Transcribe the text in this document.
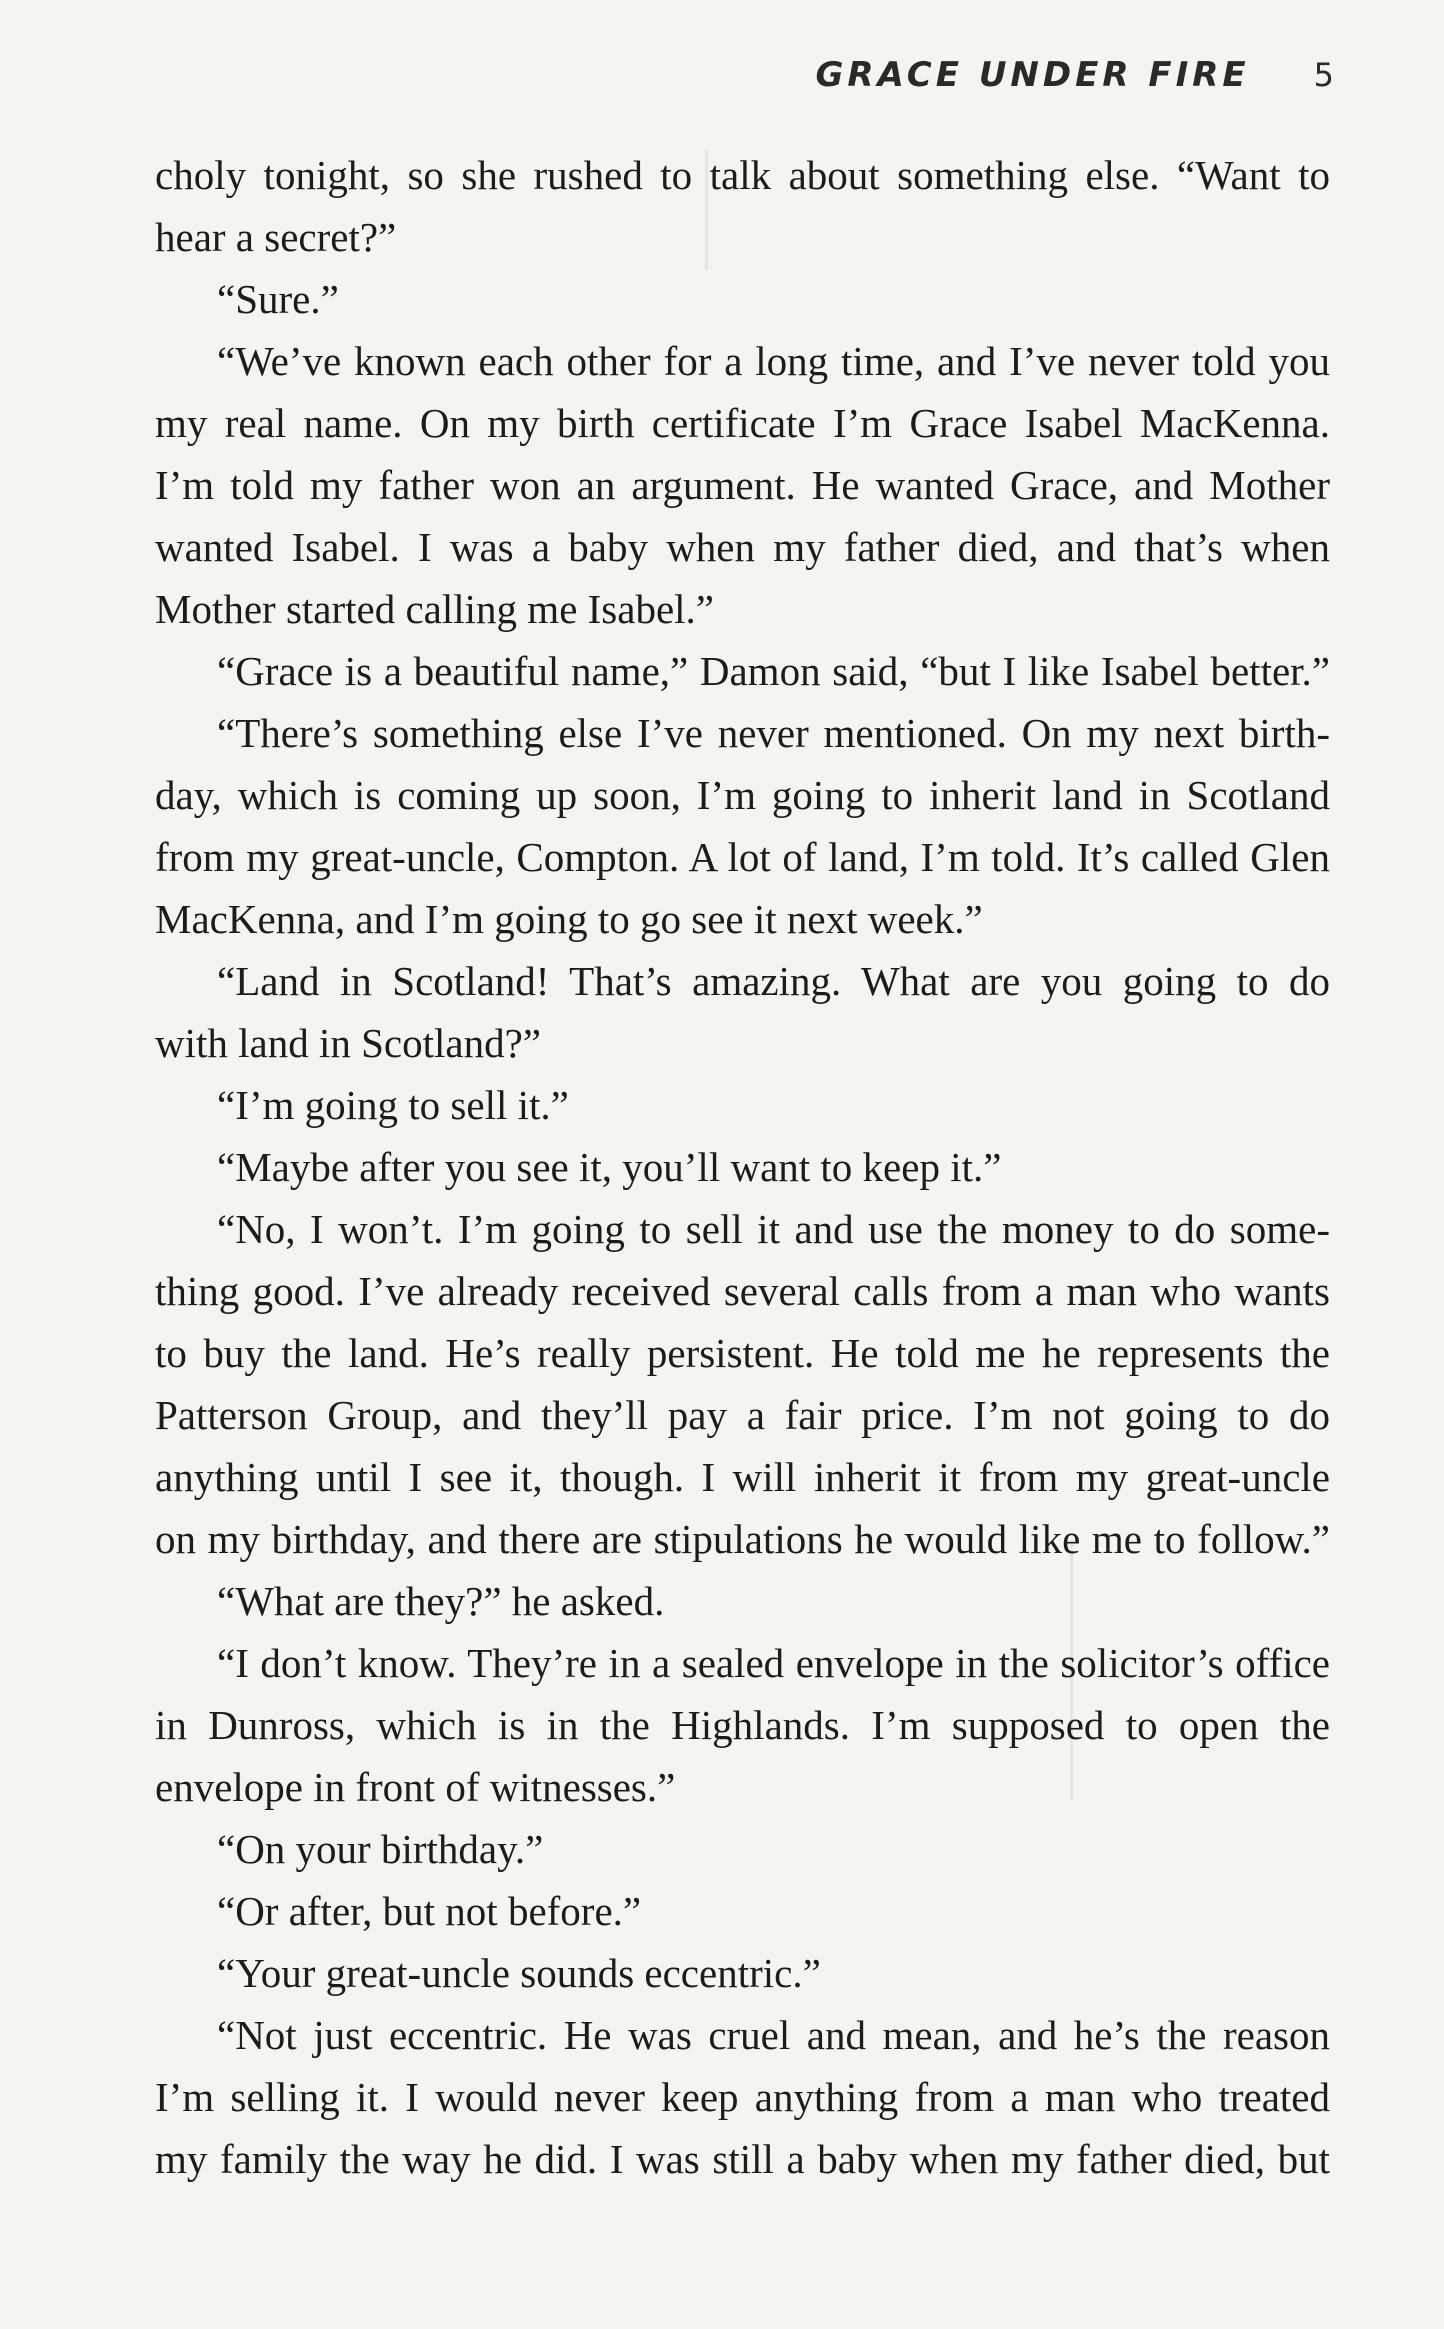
GRACE UNDER FIRE 5
choly tonight, so she rushed to talk about something else. “Want to
hear a secret?”
“Sure.”
“We’ve known each other for a long time, and I’ve never told you
my real name. On my birth certificate I’m Grace Isabel MacKenna.
I’m told my father won an argument. He wanted Grace, and Mother
wanted Isabel. I was a baby when my father died, and that’s when
Mother started calling me Isabel.”
“Grace is a beautiful name,” Damon said, “but I like Isabel better.”
“There’s something else I’ve never mentioned. On my next birth-
day, which is coming up soon, I’m going to inherit land in Scotland
from my great-uncle, Compton. A lot of land, I’m told. It’s called Glen
MacKenna, and I’m going to go see it next week.”
“Land in Scotland! That’s amazing. What are you going to do
with land in Scotland?”
“I’m going to sell it.”
“Maybe after you see it, you’ll want to keep it.”
“No, I won’t. I’m going to sell it and use the money to do some-
thing good. I’ve already received several calls from a man who wants
to buy the land. He’s really persistent. He told me he represents the
Patterson Group, and they’ll pay a fair price. I’m not going to do
anything until I see it, though. I will inherit it from my great-uncle
on my birthday, and there are stipulations he would like me to follow.”
“What are they?” he asked.
“I don’t know. They’re in a sealed envelope in the solicitor’s office
in Dunross, which is in the Highlands. I’m supposed to open the
envelope in front of witnesses.”
“On your birthday.”
“Or after, but not before.”
“Your great-uncle sounds eccentric.”
“Not just eccentric. He was cruel and mean, and he’s the reason
I’m selling it. I would never keep anything from a man who treated
my family the way he did. I was still a baby when my father died, but
